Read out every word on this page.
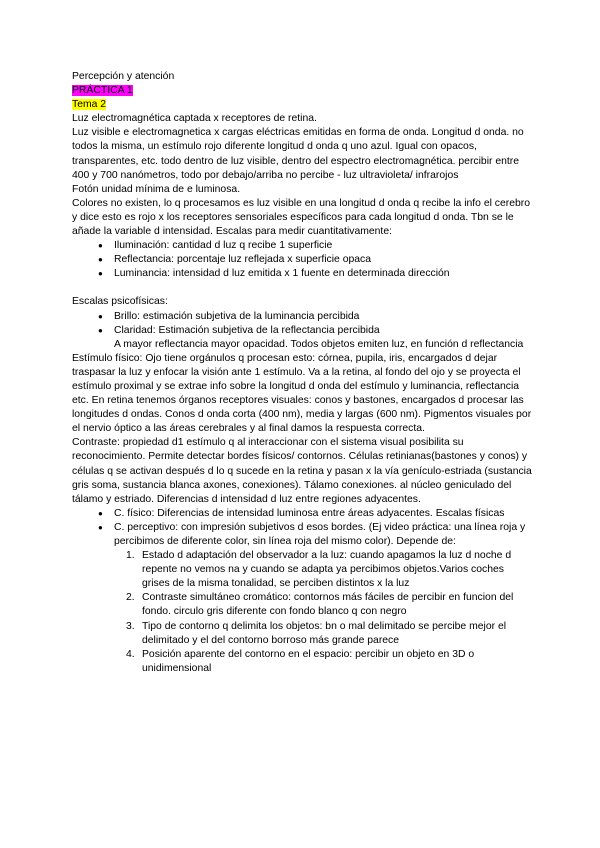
Percepción y atención

PRÁCTICA 1

Tema 2

Luz electromagnética captada x receptores de retina.

Luz visible e electromagnetica x cargas eléctricas emitidas en forma de onda. Longitud d onda. no todos la misma, un estímulo rojo diferente longitud d onda q uno azul. Igual con opacos, transparentes, etc. todo dentro de luz visible, dentro del espectro electromagnética. percibir entre 400 y 700 nanómetros, todo por debajo/arriba no percibe - luz ultravioleta/ infrarojos

Fotón unidad mínima de e luminosa.

Colores no existen, lo q procesamos es luz visible en una longitud d onda q recibe la info el cerebro y dice esto es rojo x los receptores sensoriales específicos para cada longitud d onda. Tbn se le añade la variable d intensidad. Escalas para medir cuantitativamente:

● Iluminación: cantidad d luz q recibe 1 superficie
● Reflectancia: porcentaje luz reflejada x superficie opaca
● Luminancia: intensidad d luz emitida x 1 fuente en determinada dirección

Escalas psicofísicas:

● Brillo: estimación subjetiva de la luminancia percibida
● Claridad: Estimación subjetiva de la reflectancia percibida
A mayor reflectancia mayor opacidad. Todos objetos emiten luz, en función d reflectancia

Estímulo físico: Ojo tiene orgánulos q procesan esto: córnea, pupila, iris, encargados d dejar traspasar la luz y enfocar la visión ante 1 estímulo. Va a la retina, al fondo del ojo y se proyecta el estímulo proximal y se extrae info sobre la longitud d onda del estímulo y luminancia, reflectancia etc. En retina tenemos órganos receptores visuales: conos y bastones, encargados d procesar las longitudes d ondas. Conos d onda corta (400 nm), media y largas (600 nm). Pigmentos visuales por el nervio óptico a las áreas cerebrales y al final damos la respuesta correcta.

Contraste: propiedad d1 estímulo q al interaccionar con el sistema visual posibilita su reconocimiento. Permite detectar bordes físicos/ contornos. Células retinianas(bastones y conos) y células q se activan después d lo q sucede en la retina y pasan x la vía genículo-estriada (sustancia gris soma, sustancia blanca axones, conexiones). Tálamo conexiones. al núcleo geniculado del tálamo y estriado. Diferencias d intensidad d luz entre regiones adyacentes.

● C. físico: Diferencias de intensidad luminosa entre áreas adyacentes. Escalas físicas
● C. perceptivo: con impresión subjetivos d esos bordes. (Ej video práctica: una línea roja y percibimos de diferente color, sin línea roja del mismo color). Depende de:
1. Estado d adaptación del observador a la luz: cuando apagamos la luz d noche d repente no vemos na y cuando se adapta ya percibimos objetos.Varios coches grises de la misma tonalidad, se perciben distintos x la luz
2. Contraste simultáneo cromático: contornos más fáciles de percibir en funcion del fondo. circulo gris diferente con fondo blanco q con negro
3. Tipo de contorno q delimita los objetos: bn o mal delimitado se percibe mejor el delimitado y el del contorno borroso más grande parece
4. Posición aparente del contorno en el espacio: percibir un objeto en 3D o unidimensional
